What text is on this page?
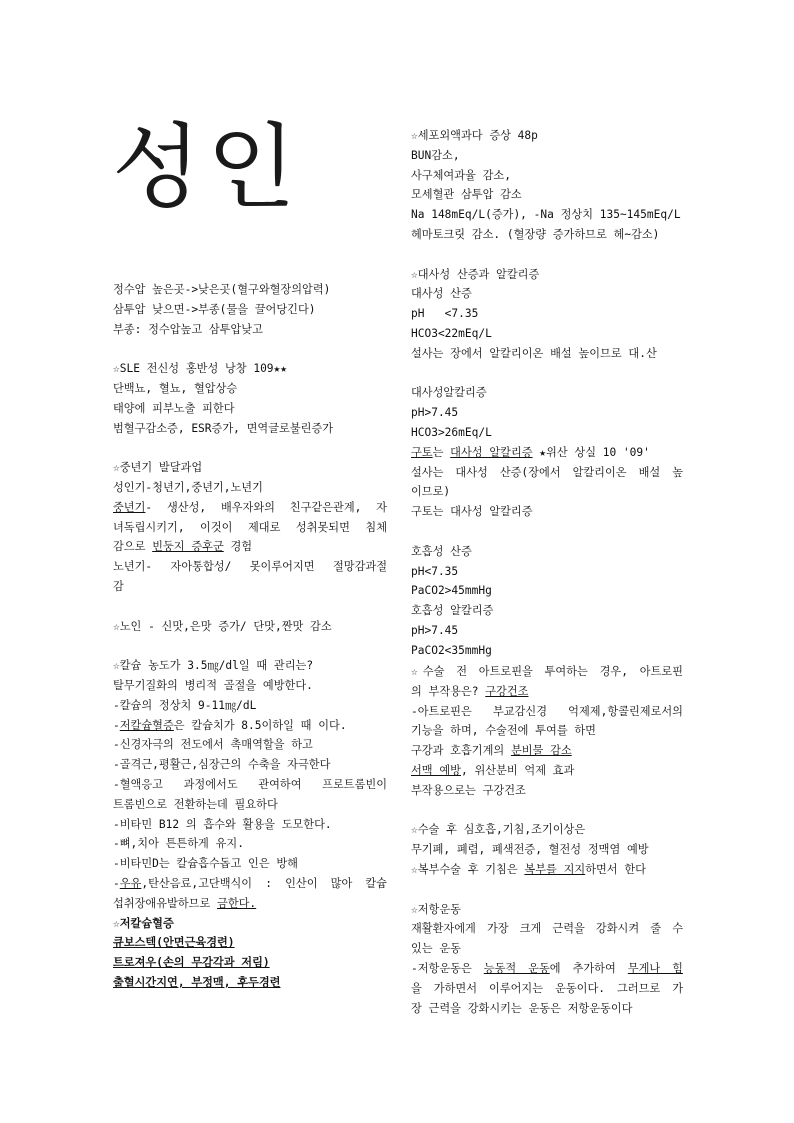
성인
정수압 높은곳->낮은곳(혈구와혈장의압력)
삼투압 낮으면->부종(물을 끌어당긴다)
부종: 정수압높고 삼투압낮고
☆SLE 전신성 홍반성 낭창 109★★
단백뇨, 혈뇨, 혈압상승
태양에 피부노출 피한다
범혈구감소증, ESR증가, 면역글로불린증가
☆중년기 발달과업
성인기-청년기,중년기,노년기
중년기- 생산성, 배우자와의 친구같은관계, 자
녀독립시키기, 이것이 제대로 성취못되면 침체
감으로 빈둥지 증후군 경험
노년기- 자아통합성/ 못이루어지면 절망감과절
감
☆노인 - 신맛,은맛 증가/ 단맛,짠맛 감소
☆칼슘 농도가 3.5㎎/dl일 때 관리는?
탈무기질화의 병리적 골절을 예방한다.
-칼슘의 정상치 9-11㎎/dL
-저칼슘혈증은 칼슘치가 8.5이하일 때 이다.
-신경자극의 전도에서 촉매역할을 하고
-골격근,평활근,심장근의 수축을 자극한다
-혈액응고 과정에서도 관여하여 프로트롬빈이
트롬빈으로 전환하는데 필요하다
-비타민 B12 의 흡수와 활용을 도모한다.
-뼈,치아 튼튼하게 유지.
-비타민D는 칼슘흡수돕고 인은 방해
-우유,탄산음료,고단백식이 : 인산이 많아 칼슘
섭취장애유발하므로 금한다.
☆저칼슘혈증
큐보스텍(안면근육경련)
트로져우(손의 무감각과 저림)
출혈시간지연, 부정맥, 후두경련
☆세포외액과다 증상 48p
BUN감소,
사구체여과율 감소,
모세혈관 삼투압 감소
Na 148mEq/L(증가), -Na 정상치 135~145mEq/L
헤마토크릿 감소. (혈장량 증가하므로 헤~감소)
☆대사성 산증과 알칼리증
대사성 산증
pH   <7.35
HCO3<22mEq/L
설사는 장에서 알칼리이온 배설 높이므로 대.산
대사성알칼리증
pH>7.45
HCO3>26mEq/L
구토는 대사성 알칼리증 ★위산 상실 10 '09'
설사는 대사성 산증(장에서 알칼리이온 배설 높
이므로)
구토는 대사성 알칼리증
호흡성 산증
pH<7.35
PaCO2>45mmHg
호흡성 알칼리증
pH>7.45
PaCO2<35mmHg
☆수술 전 아트로핀을 투여하는 경우, 아트로핀
의 부작용은? 구강건조
-아트로핀은 부교감신경 억제제,항콜린제로서의
기능을 하며, 수술전에 투여를 하면
구강과 호흡기계의 분비물 감소
서맥 예방, 위산분비 억제 효과
부작용으로는 구강건조
☆수술 후 심호흡,기침,조기이상은
무기폐, 폐렴, 폐색전증, 혈전성 정맥염 예방
☆복부수술 후 기침은 복부를 지지하면서 한다
☆저항운동
재활환자에게 가장 크게 근력을 강화시켜 줄 수
있는 운동
-저항운동은 능동적 운동에 추가하여 무게나 힘
을 가하면서 이루어지는 운동이다. 그러므로 가
장 근력을 강화시키는 운동은 저항운동이다
